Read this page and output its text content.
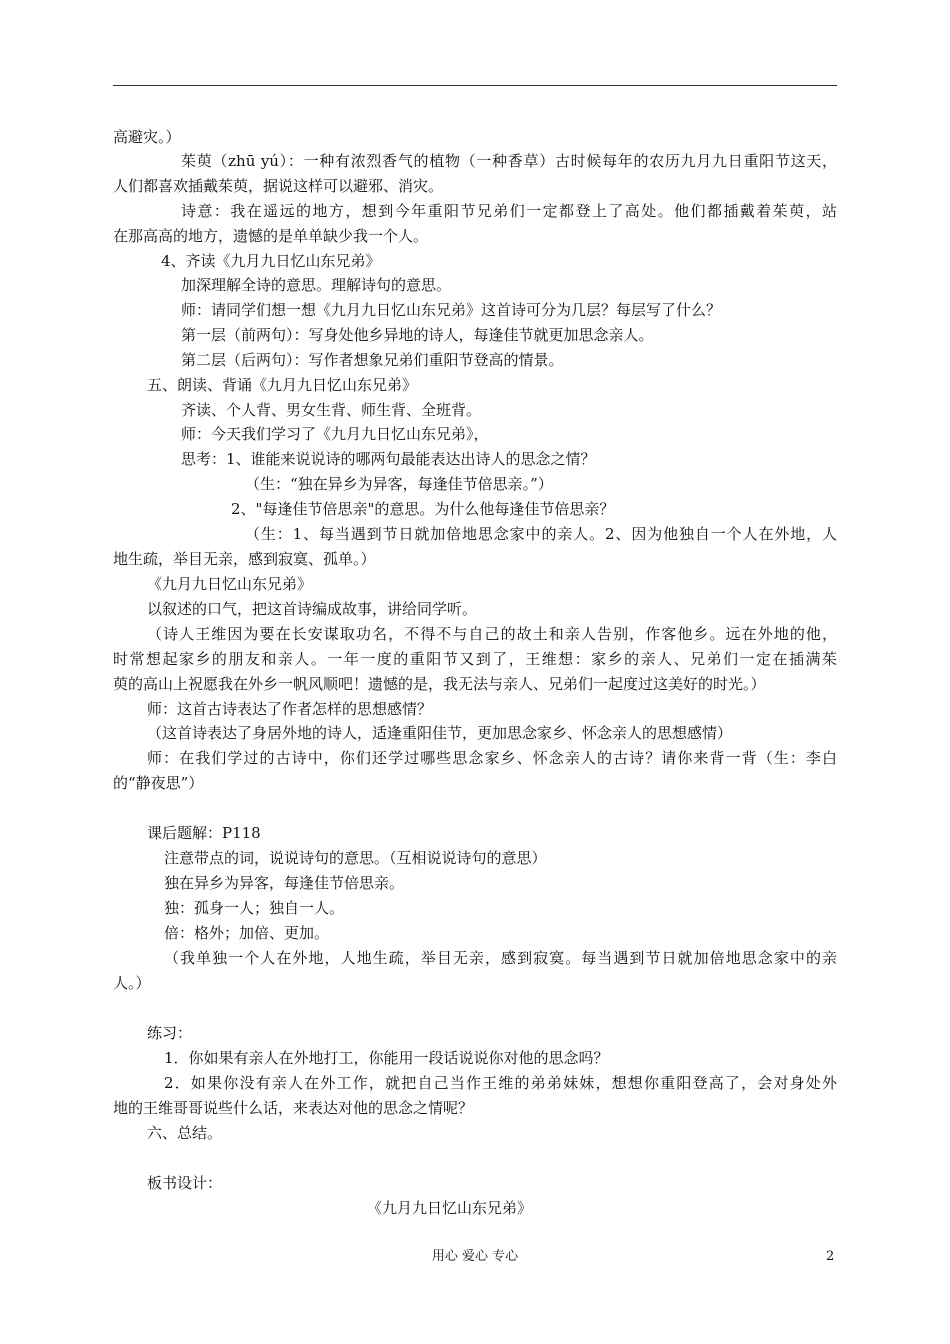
高避灾。）
茱萸（zhū yú）：一种有浓烈香气的植物（一种香草）古时候每年的农历九月九日重阳节这天，
人们都喜欢插戴茱萸，据说这样可以避邪、消灾。
诗意：我在遥远的地方，想到今年重阳节兄弟们一定都登上了高处。他们都插戴着茱萸，站
在那高高的地方，遗憾的是单单缺少我一个人。
4、齐读《九月九日忆山东兄弟》
加深理解全诗的意思。理解诗句的意思。
师：请同学们想一想《九月九日忆山东兄弟》这首诗可分为几层？每层写了什么？
第一层（前两句）：写身处他乡异地的诗人，每逢佳节就更加思念亲人。
第二层（后两句）：写作者想象兄弟们重阳节登高的情景。
五、朗读、背诵《九月九日忆山东兄弟》
齐读、个人背、男女生背、师生背、全班背。
师：今天我们学习了《九月九日忆山东兄弟》，
思考：1、谁能来说说诗的哪两句最能表达出诗人的思念之情？
（生：“独在异乡为异客，每逢佳节倍思亲。”）
2、"每逢佳节倍思亲"的意思。为什么他每逢佳节倍思亲？
（生：1、每当遇到节日就加倍地思念家中的亲人。2、因为他独自一个人在外地，人
地生疏，举目无亲，感到寂寞、孤单。）
《九月九日忆山东兄弟》
以叙述的口气，把这首诗编成故事，讲给同学听。
（诗人王维因为要在长安谋取功名，不得不与自己的故土和亲人告别，作客他乡。远在外地的他，
时常想起家乡的朋友和亲人。一年一度的重阳节又到了，王维想：家乡的亲人、兄弟们一定在插满茱
萸的高山上祝愿我在外乡一帆风顺吧！遗憾的是，我无法与亲人、兄弟们一起度过这美好的时光。）
师：这首古诗表达了作者怎样的思想感情？
（这首诗表达了身居外地的诗人，适逢重阳佳节，更加思念家乡、怀念亲人的思想感情）
师：在我们学过的古诗中，你们还学过哪些思念家乡、怀念亲人的古诗？请你来背一背（生：李白
的“静夜思”）
课后题解：P118
注意带点的词，说说诗句的意思。（互相说说诗句的意思）
独在异乡为异客，每逢佳节倍思亲。
独：孤身一人；独自一人。
倍：格外；加倍、更加。
（我单独一个人在外地，人地生疏，举目无亲，感到寂寞。每当遇到节日就加倍地思念家中的亲
人。）
练习：
1．你如果有亲人在外地打工，你能用一段话说说你对他的思念吗？
2．如果你没有亲人在外工作，就把自己当作王维的弟弟妹妹，想想你重阳登高了，会对身处外
地的王维哥哥说些什么话，来表达对他的思念之情呢？
六、总结。
板书设计：
《九月九日忆山东兄弟》
用心 爱心 专心	2
